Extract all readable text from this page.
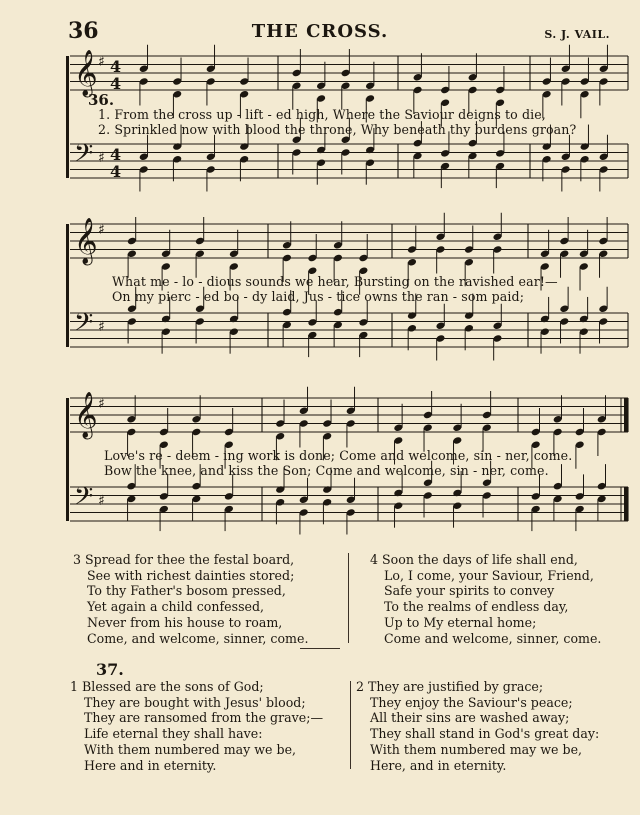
36	THE CROSS.	S. J. VAIL.
𝄞 ♯ 4
4
𝄢 ♯ 4
4
𝄞 ♯
𝄢 ♯
𝄞 ♯
𝄢 ♯
36.
1. From the cross up - lift - ed high, Where the Saviour deigns to die,
2. Sprinkled now with blood the throne, Why beneath thy burdens groan?
What me - lo - dious sounds we hear, Bursting on the ravished ear!—
On my pierc - ed bo - dy laid, Jus - tice owns the ran - som paid;
Love's re - deem - ing work is done; Come and welcome, sin - ner, come.
Bow the knee, and kiss the Son; Come and welcome, sin - ner, come.
3 Spread for thee the festal board,
See with richest dainties stored;
To thy Father's bosom pressed,
Yet again a child confessed,
Never from his house to roam,
Come, and welcome, sinner, come.
4 Soon the days of life shall end,
Lo, I come, your Saviour, Friend,
Safe your spirits to convey
To the realms of endless day,
Up to My eternal home;
Come and welcome, sinner, come.
37.
1 Blessed are the sons of God;
They are bought with Jesus' blood;
They are ransomed from the grave;—
Life eternal they shall have:
With them numbered may we be,
Here and in eternity.
2 They are justified by grace;
They enjoy the Saviour's peace;
All their sins are washed away;
They shall stand in God's great day:
With them numbered may we be,
Here, and in eternity.
